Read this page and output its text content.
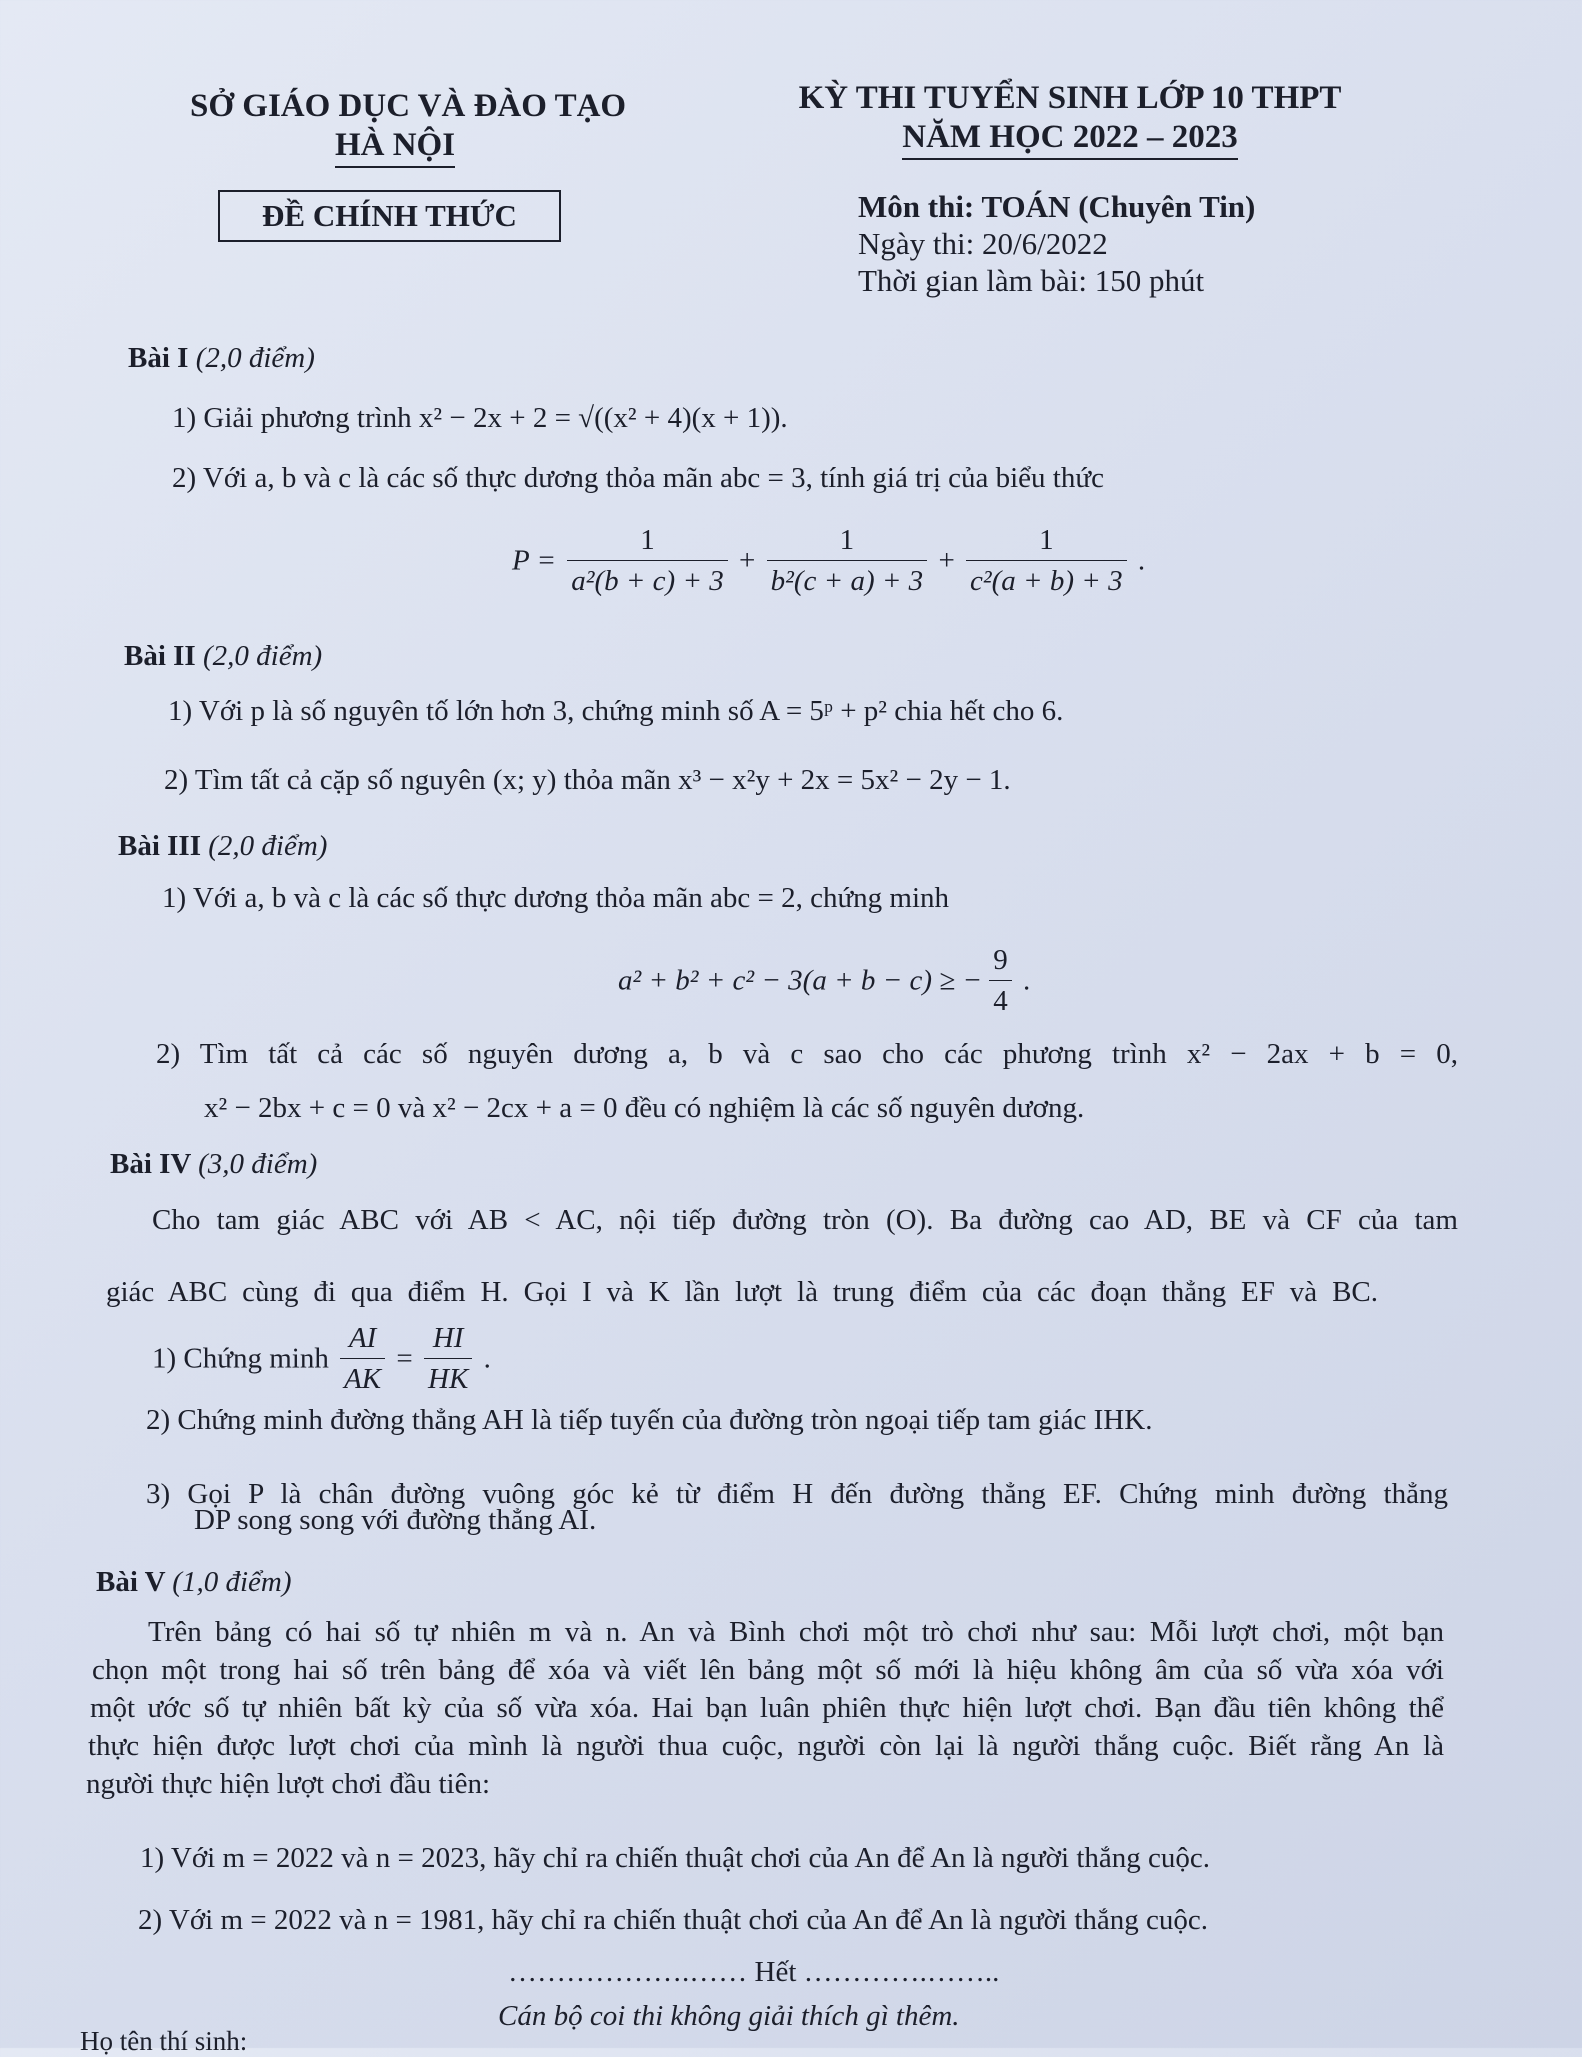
SỞ GIÁO DỤC VÀ ĐÀO TẠO
HÀ NỘI
ĐỀ CHÍNH THỨC
KỲ THI TUYỂN SINH LỚP 10 THPT
NĂM HỌC 2022 – 2023
Môn thi: TOÁN (Chuyên Tin)
Ngày thi: 20/6/2022
Thời gian làm bài: 150 phút
Bài I (2,0 điểm)
1) Giải phương trình x² − 2x + 2 = √((x² + 4)(x + 1)).
2) Với a, b và c là các số thực dương thỏa mãn abc = 3, tính giá trị của biểu thức
$P = \frac{1}{\text{a²(b + c) + 3}} + \frac{1}{\text{b²(c + a) + 3}} + \frac{1}{\text{c²(a + b) + 3}}$ .
Bài II (2,0 điểm)
1) Với p là số nguyên tố lớn hơn 3, chứng minh số A = 5ᵖ + p² chia hết cho 6.
2) Tìm tất cả cặp số nguyên (x; y) thỏa mãn x³ − x²y + 2x = 5x² − 2y − 1.
Bài III (2,0 điểm)
1) Với a, b và c là các số thực dương thỏa mãn abc = 2, chứng minh
a² + b² + c² − 3(a + b − c) ≥ − $\frac{9}{4}$ .
2) Tìm tất cả các số nguyên dương a, b và c sao cho các phương trình x² − 2ax + b = 0,
x² − 2bx + c = 0 và x² − 2cx + a = 0 đều có nghiệm là các số nguyên dương.
Bài IV (3,0 điểm)
Cho tam giác ABC với AB < AC, nội tiếp đường tròn (O). Ba đường cao AD, BE và CF của tam
giác ABC cùng đi qua điểm H. Gọi I và K lần lượt là trung điểm của các đoạn thẳng EF và BC.
1) Chứng minh $\frac{AI}{AK} = \frac{HI}{HK}$ .
2) Chứng minh đường thẳng AH là tiếp tuyến của đường tròn ngoại tiếp tam giác IHK.
3) Gọi P là chân đường vuông góc kẻ từ điểm H đến đường thẳng EF. Chứng minh đường thẳng
DP song song với đường thẳng AI.
Bài V (1,0 điểm)
Trên bảng có hai số tự nhiên m và n. An và Bình chơi một trò chơi như sau: Mỗi lượt chơi, một bạn
chọn một trong hai số trên bảng để xóa và viết lên bảng một số mới là hiệu không âm của số vừa xóa với
một ước số tự nhiên bất kỳ của số vừa xóa. Hai bạn luân phiên thực hiện lượt chơi. Bạn đầu tiên không thể
thực hiện được lượt chơi của mình là người thua cuộc, người còn lại là người thắng cuộc. Biết rằng An là
người thực hiện lượt chơi đầu tiên:
1) Với m = 2022 và n = 2023, hãy chỉ ra chiến thuật chơi của An để An là người thắng cuộc.
2) Với m = 2022 và n = 1981, hãy chỉ ra chiến thuật chơi của An để An là người thắng cuộc.
……………….…… Hết ………….……..
Cán bộ coi thi không giải thích gì thêm.
Họ tên thí sinh:
